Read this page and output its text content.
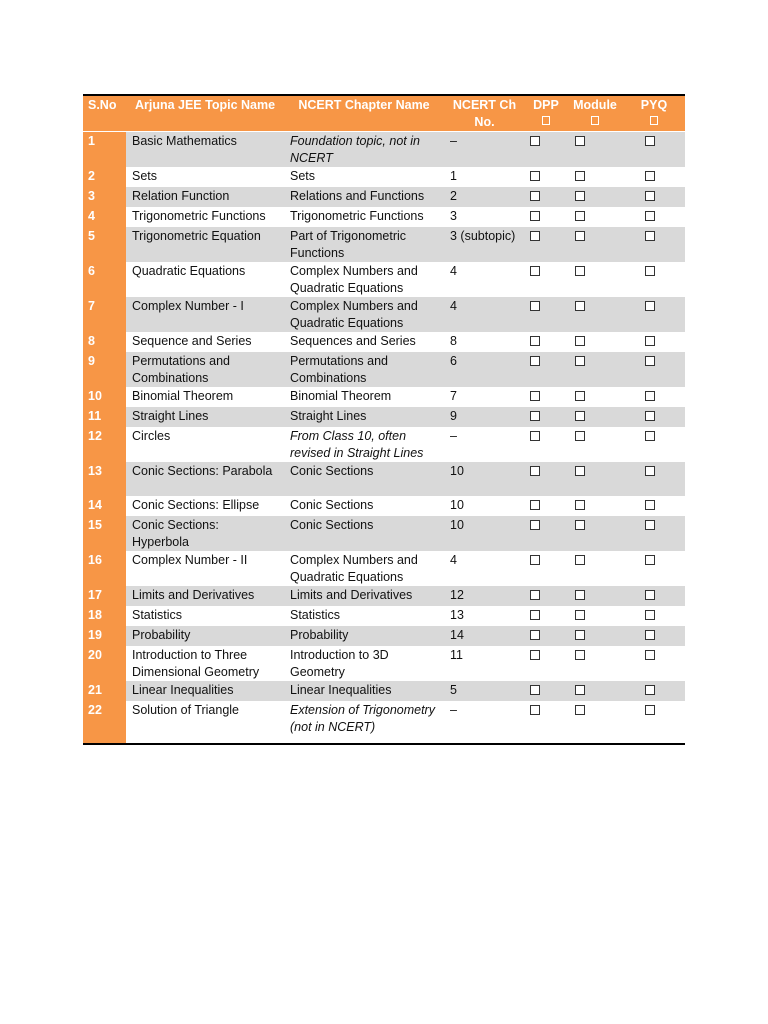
S.No	Arjuna JEE Topic Name	NCERT Chapter Name	NCERT Ch No.	DPP	Module	PYQ

1	Basic Mathematics	Foundation topic, not in NCERT	–			
2	Sets	Sets	1			
3	Relation Function	Relations and Functions	2			
4	Trigonometric Functions	Trigonometric Functions	3			
5	Trigonometric Equation	Part of Trigonometric Functions	3 (subtopic)			
6	Quadratic Equations	Complex Numbers and Quadratic Equations	4			
7	Complex Number - I	Complex Numbers and Quadratic Equations	4			
8	Sequence and Series	Sequences and Series	8			
9	Permutations and Combinations	Permutations and Combinations	6			
10	Binomial Theorem	Binomial Theorem	7			
11	Straight Lines	Straight Lines	9			
12	Circles	From Class 10, often revised in Straight Lines	–			
13	Conic Sections: Parabola	Conic Sections	10			
14	Conic Sections: Ellipse	Conic Sections	10			
15	Conic Sections: Hyperbola	Conic Sections	10			
16	Complex Number - II	Complex Numbers and Quadratic Equations	4			
17	Limits and Derivatives	Limits and Derivatives	12			
18	Statistics	Statistics	13			
19	Probability	Probability	14			
20	Introduction to Three Dimensional Geometry	Introduction to 3D Geometry	11			
21	Linear Inequalities	Linear Inequalities	5			
22	Solution of Triangle	Extension of Trigonometry (not in NCERT)	–			
